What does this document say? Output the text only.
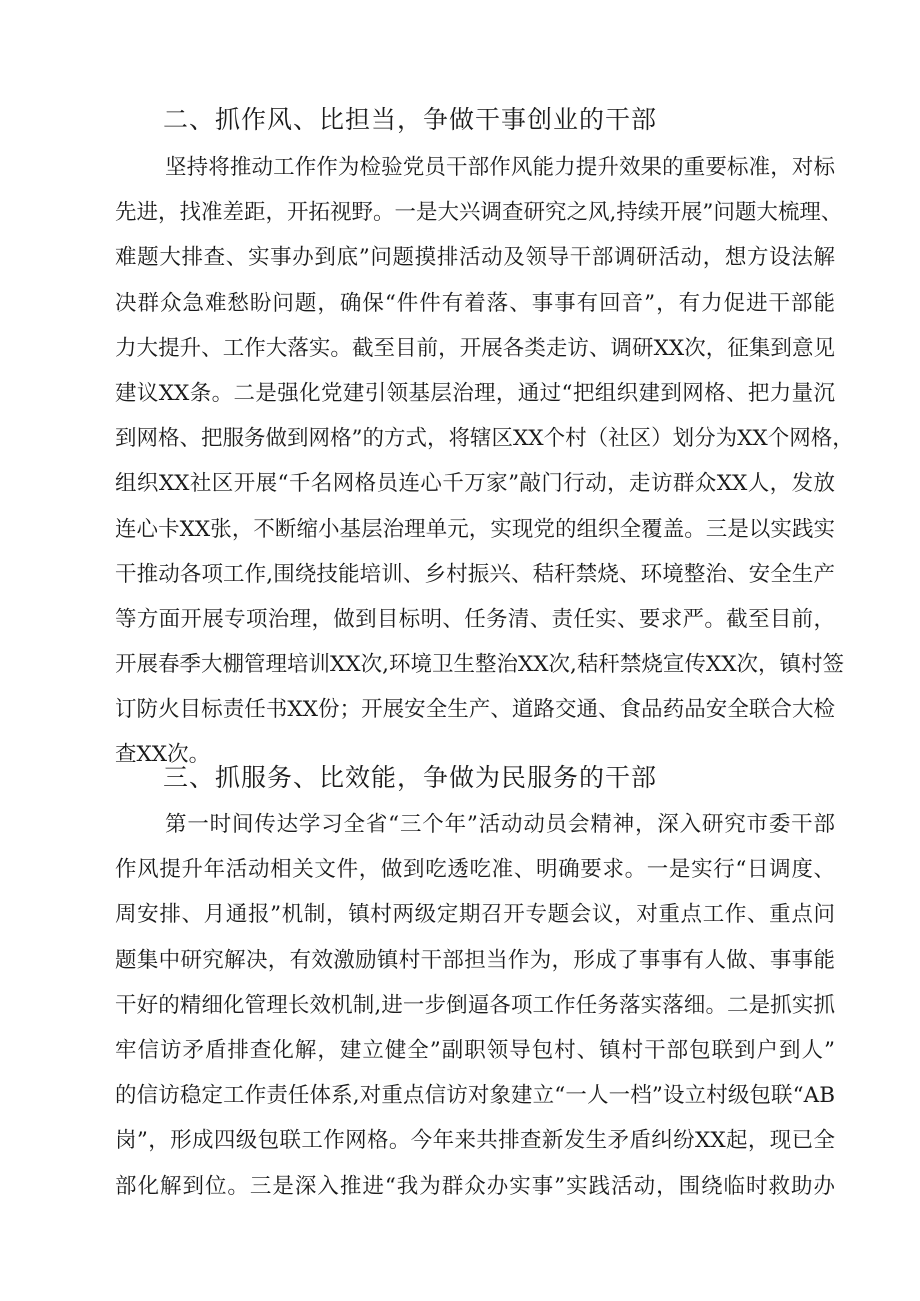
二、抓作风、比担当，争做干事创业的干部
坚持将推动工作作为检验党员干部作风能力提升效果的重要标准，对标
先进，找准差距，开拓视野。一是大兴调查研究之风,持续开展”问题大梳理、
难题大排查、实事办到底”问题摸排活动及领导干部调研活动，想方设法解
决群众急难愁盼问题，确保“件件有着落、事事有回音”，有力促进干部能
力大提升、工作大落实。截至目前，开展各类走访、调研XX次，征集到意见
建议XX条。二是强化党建引领基层治理，通过“把组织建到网格、把力量沉
到网格、把服务做到网格”的方式，将辖区XX个村（社区）划分为XX个网格，
组织XX社区开展“千名网格员连心千万家”敲门行动，走访群众XX人，发放
连心卡XX张，不断缩小基层治理单元，实现党的组织全覆盖。三是以实践实
干推动各项工作,围绕技能培训、乡村振兴、秸秆禁烧、环境整治、安全生产
等方面开展专项治理，做到目标明、任务清、责任实、要求严。截至目前，
开展春季大棚管理培训XX次,环境卫生整治XX次,秸秆禁烧宣传XX次，镇村签
订防火目标责任书XX份；开展安全生产、道路交通、食品药品安全联合大检
查XX次。
三、抓服务、比效能，争做为民服务的干部
第一时间传达学习全省“三个年”活动动员会精神，深入研究市委干部
作风提升年活动相关文件，做到吃透吃准、明确要求。一是实行“日调度、
周安排、月通报”机制，镇村两级定期召开专题会议，对重点工作、重点问
题集中研究解决，有效激励镇村干部担当作为，形成了事事有人做、事事能
干好的精细化管理长效机制,进一步倒逼各项工作任务落实落细。二是抓实抓
牢信访矛盾排查化解，建立健全”副职领导包村、镇村干部包联到户到人”
的信访稳定工作责任体系,对重点信访对象建立“一人一档”设立村级包联“AB
岗”，形成四级包联工作网格。今年来共排查新发生矛盾纠纷XX起，现已全
部化解到位。三是深入推进“我为群众办实事”实践活动，围绕临时救助办
